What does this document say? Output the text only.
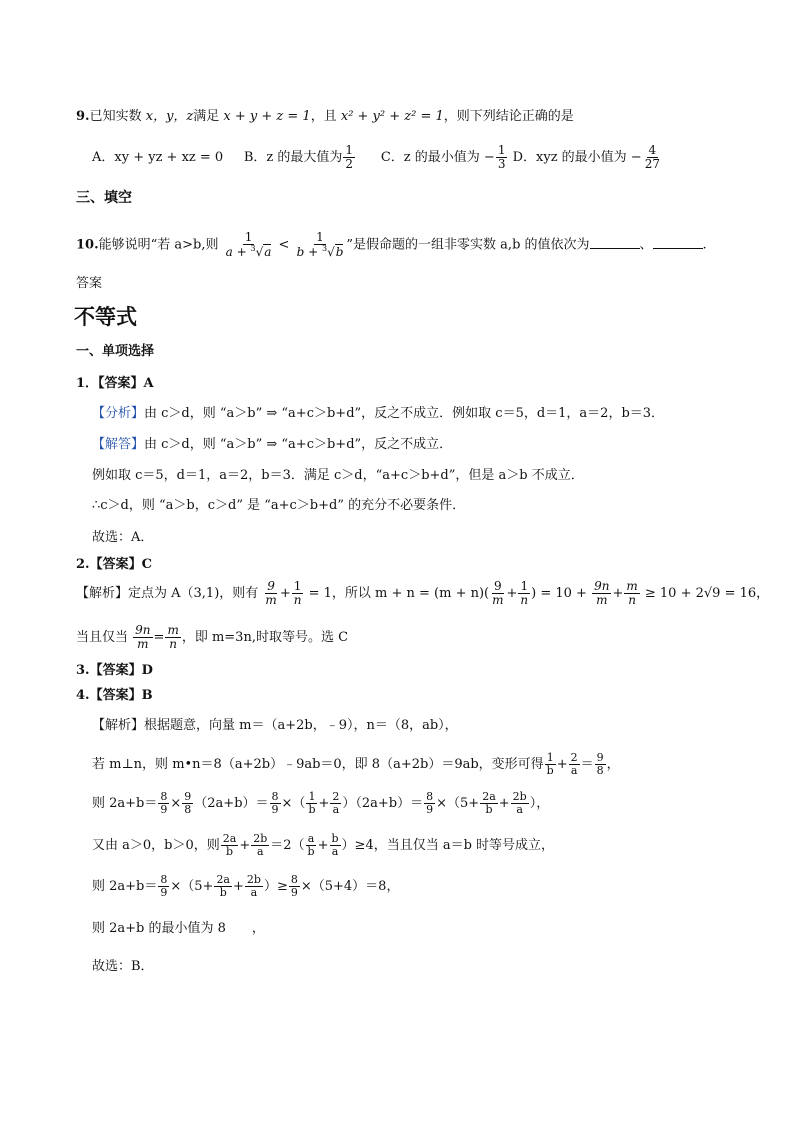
9.已知实数 x，y，z满足 x + y + z = 1，且 x² + y² + z² = 1，则下列结论正确的是
A．xy + yz + xz = 0 B．z 的最大值为 $\frac{1}{2}$ C．z 的最小值为 − $\frac{1}{3}$ D．xyz 的最小值为 − $\frac{4}{27}$
三、填空
10.能够说明“若 a>b,则 $\frac{1}{a + ^3√a} < \frac{1}{b + ^3√b}$ ”是假命题的一组非零实数 a,b 的值依次为	、	.
答案
不等式
一、单项选择
1．【答案】A
【分析】由 c＞d，则 “a＞b” ⇒ “a+c＞b+d”，反之不成立．例如取 c＝5，d＝1，a＝2，b＝3．
【解答】由 c＞d，则 “a＞b” ⇒ “a+c＞b+d”，反之不成立．
例如取 c＝5，d＝1，a＝2，b＝3．满足 c＞d，“a+c＞b+d”，但是 a＞b 不成立．
∴c＞d，则 “a＞b，c＞d” 是 “a+c＞b+d” 的充分不必要条件．
故选：A．
2.【答案】C
【解析】定点为 A（3,1)，则有 $\frac{9}{m} + \frac{1}{n} = 1$，所以 $m + n = (m + n)( \frac{9}{m} + \frac{1}{n}$ ) = $10 + \frac{9n}{m} + \frac{m}{n} \ge 10 + 2√9 = 16$，
当且仅当 $\frac{9n}{m} = \frac{m}{n}$ ，即 m=3n,时取等号。选 C
3.【答案】D
4.【答案】B
【解析】根据题意，向量 m＝（a+2b，﹣9），n＝（8，ab），
若 m⊥n，则 m•n＝8（a+2b）﹣9ab＝0，即 8（a+2b）＝9ab，变形可得 $\frac{1}{b} + \frac{2}{a} = \frac{9}{8}$ ，
则 $2a+b= \frac{8}{9} \times \frac{9}{8} (2a+b)= \frac{8}{9}$ ×（ $\frac{1}{b} + \frac{2}{a} )(2a+b)= \frac{8}{9} \times(5+ \frac{2a}{b} + \frac{2b}{a}$ ），
又由 a＞0，b＞0，则 $\frac{2a}{b} + \frac{2b}{a} =2( \frac{a}{b} + \frac{b}{a} )\ge 4$，当且仅当 a＝b 时等号成立，
则 $2a+b= \frac{8}{9} \times(5+ \frac{2a}{b} + \frac{2b}{a}$ ）≥ $\frac{8}{9} \times(5+4)=8$，
则 2a+b 的最小值为 8　　，
故选：B．
